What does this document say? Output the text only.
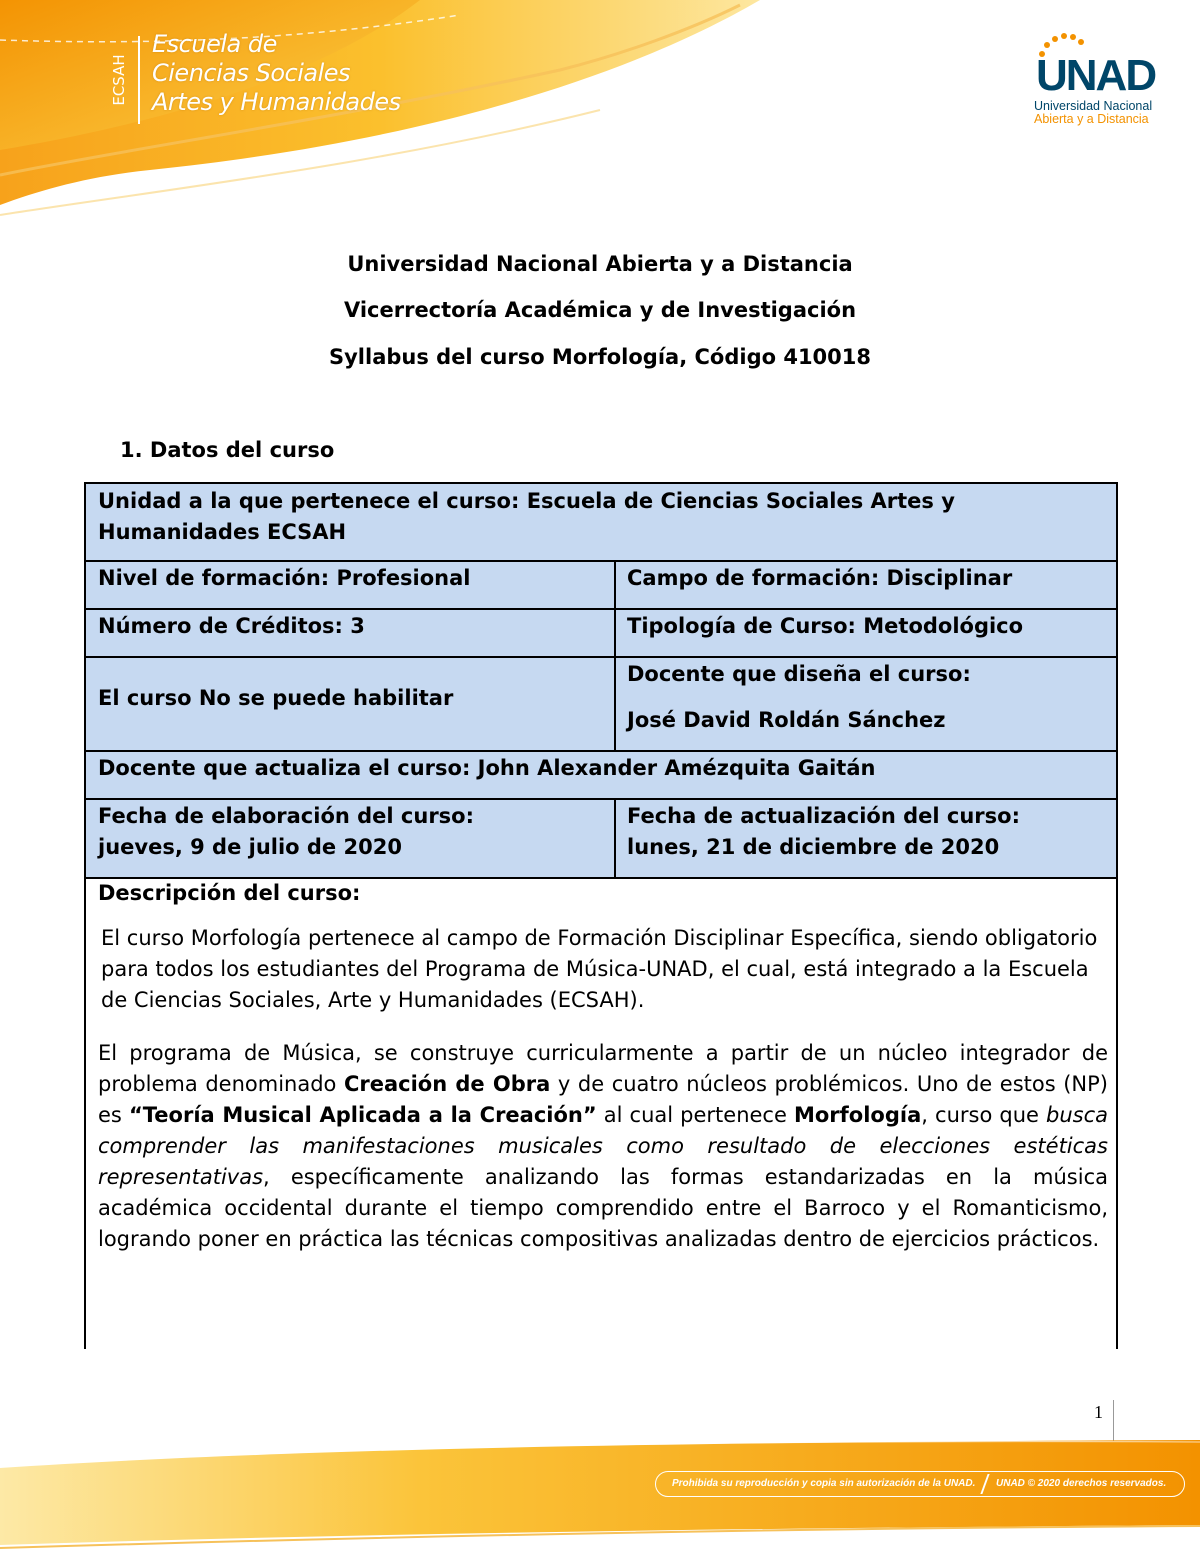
ECSAH
Escuela de
Ciencias Sociales
Artes y Humanidades
UNAD
Universidad Nacional
Abierta y a Distancia
Universidad Nacional Abierta y a Distancia
Vicerrectoría Académica y de Investigación
Syllabus del curso Morfología, Código 410018
1. Datos del curso
Unidad a la que pertenece el curso: Escuela de Ciencias Sociales Artes y
Humanidades ECSAH
Nivel de formación: Profesional	Campo de formación: Disciplinar
Número de Créditos: 3	Tipología de Curso: Metodológico
El curso No se puede habilitar
Docente que diseña el curso:
José David Roldán Sánchez
Docente que actualiza el curso: John Alexander Amézquita Gaitán
Fecha de elaboración del curso:
jueves, 9 de julio de 2020
Fecha de actualización del curso:
lunes, 21 de diciembre de 2020
Descripción del curso:
El curso Morfología pertenece al campo de Formación Disciplinar Específica, siendo obligatorio para todos los estudiantes del Programa de Música-UNAD, el cual, está integrado a la Escuela de Ciencias Sociales, Arte y Humanidades (ECSAH).
El programa de Música, se construye curricularmente a partir de un núcleo integrador de problema denominado Creación de Obra y de cuatro núcleos problémicos. Uno de estos (NP) es “Teoría Musical Aplicada a la Creación” al cual pertenece Morfología, curso que busca comprender las manifestaciones musicales como resultado de elecciones estéticas representativas, específicamente analizando las formas estandarizadas en la música académica occidental durante el tiempo comprendido entre el Barroco y el Romanticismo, logrando poner en práctica las técnicas compositivas analizadas dentro de ejercicios prácticos.
1
Prohibida su reproducción y copia sin autorización de la UNAD. UNAD © 2020 derechos reservados.
